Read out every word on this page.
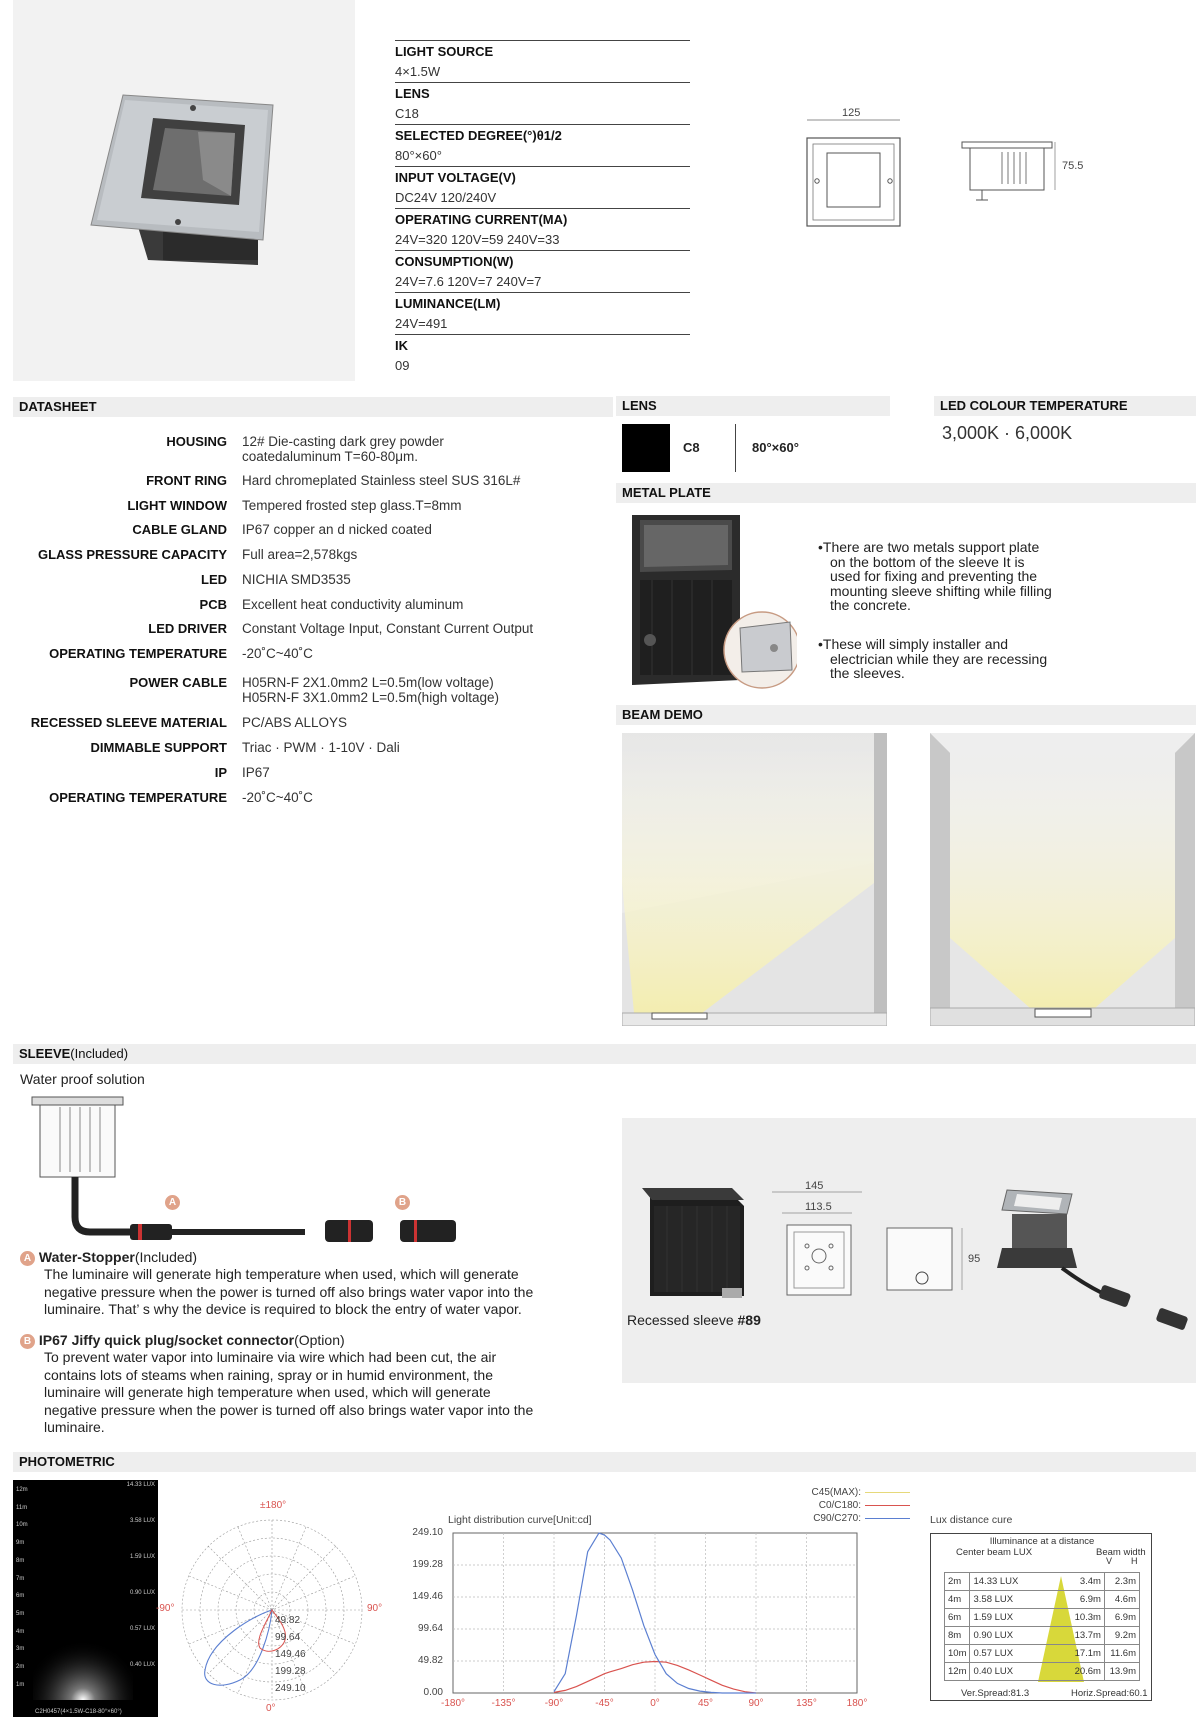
LIGHT SOURCE
4×1.5W
LENS
C18
SELECTED DEGREE(°)θ1/2
80°×60°
INPUT VOLTAGE(V)
DC24V 120/240V
OPERATING CURRENT(MA)
24V=320 120V=59 240V=33
CONSUMPTION(W)
24V=7.6 120V=7 240V=7
LUMINANCE(LM)
24V=491
IK
09
125
75.5
DATASHEET
HOUSING 12# Die-casting dark grey powder
coatedaluminum T=60-80μm.
FRONT RING Hard chromeplated Stainless steel SUS 316L#
LIGHT WINDOW Tempered frosted step glass.T=8mm
CABLE GLAND IP67 copper an d nicked coated
GLASS PRESSURE CAPACITY Full area=2,578kgs
LED NICHIA SMD3535
PCB Excellent heat conductivity aluminum
LED DRIVER Constant Voltage Input, Constant Current Output
OPERATING TEMPERATURE -20˚C~40˚C
POWER CABLE H05RN-F 2X1.0mm2 L=0.5m(low voltage)
H05RN-F 3X1.0mm2 L=0.5m(high voltage)
RECESSED SLEEVE MATERIAL PC/ABS ALLOYS
DIMMABLE SUPPORT Triac · PWM · 1-10V · Dali
IP IP67
OPERATING TEMPERATURE -20˚C~40˚C
LENS
C8	80°×60°
LED COLOUR TEMPERATURE
3,000K · 6,000K
METAL PLATE
•There are two metals support plate
on the bottom of the sleeve It is
used for fixing and preventing the
mounting sleeve shifting while filling
the concrete.
•These will simply installer and
electrician while they are recessing
the sleeves.
BEAM DEMO
SLEEVE(Included)
Water proof solution
A	B
A Water-Stopper(Included)
The luminaire will generate high temperature when used, which will generate
negative pressure when the power is turned off also brings water vapor into the
luminaire. That’ s why the device is required to block the entry of water vapor.
B IP67 Jiffy quick plug/socket connector(Option)
To prevent water vapor into luminaire via wire which had been cut, the air
contains lots of steams when raining, spray or in humid environment, the
luminaire will generate high temperature when used, which will generate
negative pressure when the power is turned off also brings water vapor into the
luminaire.
145
113.5
95
Recessed sleeve #89
PHOTOMETRIC
12m
11m
10m
9m
8m
7m
6m
5m
4m
3m
2m
1m
14.33 LUX
3.58 LUX
1.59 LUX
0.90 LUX
0.57 LUX
0.40 LUX
C2H0457(4×1.5W-C18-80°×60°)
±180°
-90°	90°
0°
49.82
99.64
149.46
199.28
249.10
C45(MAX):
C0/C180:
C90/C270:
Light distribution curve[Unit:cd]
0.00
49.82
99.64
149.46
199.28
249.10
-180°	-135°	-90°	-45°	0°	45°	90°	135°	180°
Lux distance cure
Illuminance at a distance
Center beam LUX	Beam width
V H
2m	14.33 LUX	3.4m	2.3m
4m	3.58 LUX	6.9m	4.6m
6m	1.59 LUX	10.3m	6.9m
8m	0.90 LUX	13.7m	9.2m
10m	0.57 LUX	17.1m	11.6m
12m	0.40 LUX	20.6m	13.9m
Ver.Spread:81.3	Horiz.Spread:60.1
